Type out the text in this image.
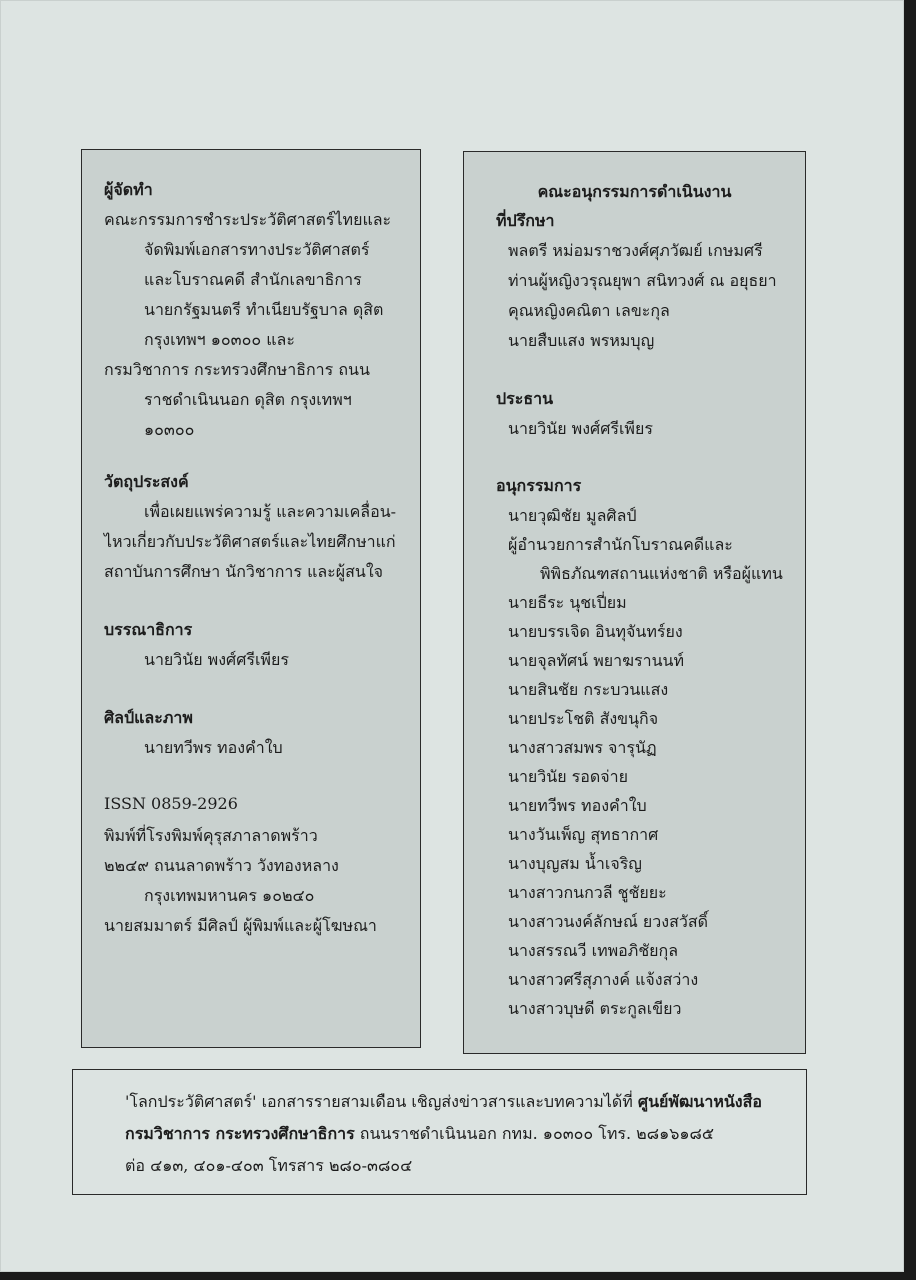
ผู้จัดทำ
คณะกรรมการชำระประวัติศาสตร์ไทยและ
จัดพิมพ์เอกสารทางประวัติศาสตร์
และโบราณคดี สำนักเลขาธิการ
นายกรัฐมนตรี ทำเนียบรัฐบาล ดุสิต
กรุงเทพฯ ๑๐๓๐๐ และ
กรมวิชาการ กระทรวงศึกษาธิการ ถนน
ราชดำเนินนอก ดุสิต กรุงเทพฯ
๑๐๓๐๐
วัตถุประสงค์
เพื่อเผยแพร่ความรู้ และความเคลื่อน-
ไหวเกี่ยวกับประวัติศาสตร์และไทยศึกษาแก่
สถาบันการศึกษา นักวิชาการ และผู้สนใจ
บรรณาธิการ
นายวินัย พงศ์ศรีเพียร
ศิลป์และภาพ
นายทวีพร ทองคำใบ
ISSN 0859-2926
พิมพ์ที่โรงพิมพ์คุรุสภาลาดพร้าว
๒๒๔๙ ถนนลาดพร้าว วังทองหลาง
กรุงเทพมหานคร ๑๐๒๔๐
นายสมมาตร์ มีศิลป์ ผู้พิมพ์และผู้โฆษณา
คณะอนุกรรมการดำเนินงาน
ที่ปรึกษา
พลตรี หม่อมราชวงศ์ศุภวัฒย์ เกษมศรี
ท่านผู้หญิงวรุณยุพา สนิทวงศ์ ณ อยุธยา
คุณหญิงคณิตา เลขะกุล
นายสืบแสง พรหมบุญ
ประธาน
นายวินัย พงศ์ศรีเพียร
อนุกรรมการ
นายวุฒิชัย มูลศิลป์
ผู้อำนวยการสำนักโบราณคดีและ
พิพิธภัณฑสถานแห่งชาติ หรือผู้แทน
นายธีระ นุชเปี่ยม
นายบรรเจิด อินทุจันทร์ยง
นายจุลทัศน์ พยาฆรานนท์
นายสินชัย กระบวนแสง
นายประโชติ สังขนุกิจ
นางสาวสมพร จารุนัฏ
นายวินัย รอดจ่าย
นายทวีพร ทองคำใบ
นางวันเพ็ญ สุทธากาศ
นางบุญสม น้ำเจริญ
นางสาวกนกวลี ชูชัยยะ
นางสาวนงค์ลักษณ์ ยวงสวัสดิ์
นางสรรณวี เทพอภิชัยกุล
นางสาวศรีสุภางค์ แจ้งสว่าง
นางสาวบุษดี ตระกูลเขียว
'โลกประวัติศาสตร์' เอกสารรายสามเดือน เชิญส่งข่าวสารและบทความได้ที่ ศูนย์พัฒนาหนังสือ
กรมวิชาการ กระทรวงศึกษาธิการ ถนนราชดำเนินนอก กทม. ๑๐๓๐๐ โทร. ๒๘๑๖๑๘๕
ต่อ ๔๑๓, ๔๐๑-๔๐๓ โทรสาร ๒๘๐-๓๘๐๔
